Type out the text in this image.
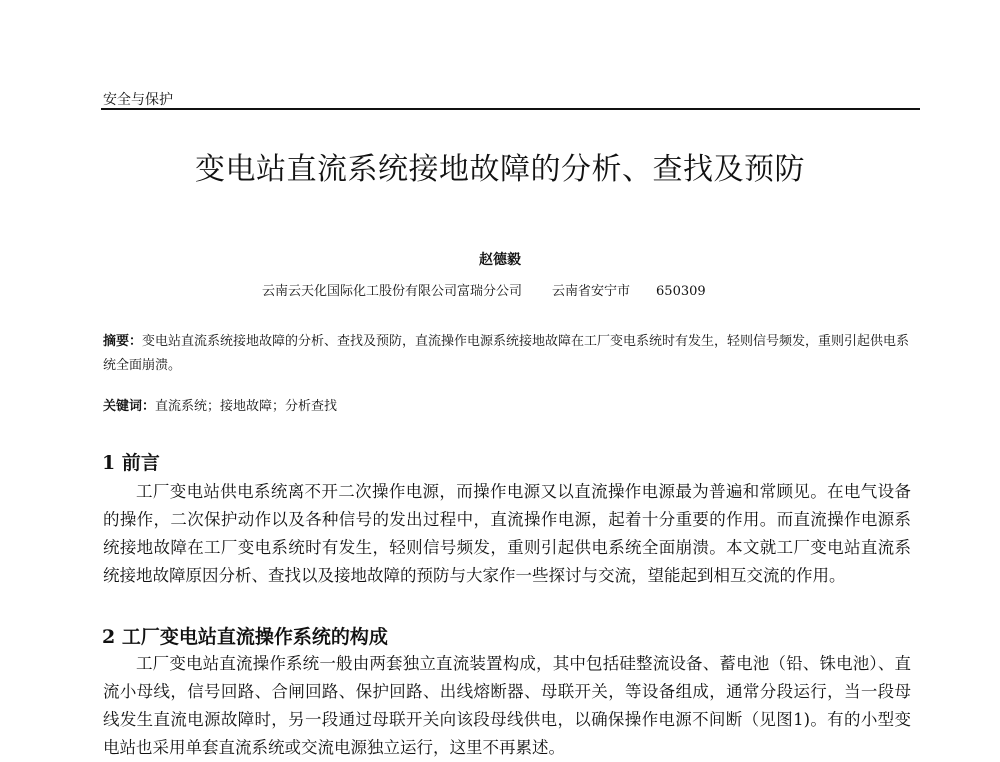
安全与保护
变电站直流系统接地故障的分析、查找及预防
赵德毅
云南云天化国际化工股份有限公司富瑞分公司 云南省安宁市 650309
摘要：变电站直流系统接地故障的分析、查找及预防，直流操作电源系统接地故障在工厂变电系统时有发生，轻则信号频发，重则引起供电系统全面崩溃。
关键词：直流系统；接地故障；分析查找
1 前言
工厂变电站供电系统离不开二次操作电源，而操作电源又以直流操作电源最为普遍和常顾见。在电气设备的操作，二次保护动作以及各种信号的发出过程中，直流操作电源，起着十分重要的作用。而直流操作电源系统接地故障在工厂变电系统时有发生，轻则信号频发，重则引起供电系统全面崩溃。本文就工厂变电站直流系统接地故障原因分析、查找以及接地故障的预防与大家作一些探讨与交流，望能起到相互交流的作用。
2 工厂变电站直流操作系统的构成
工厂变电站直流操作系统一般由两套独立直流装置构成，其中包括硅整流设备、蓄电池（铅、铢电池）、直流小母线，信号回路、合闸回路、保护回路、出线熔断器、母联开关，等设备组成，通常分段运行，当一段母线发生直流电源故障时，另一段通过母联开关向该段母线供电，以确保操作电源不间断（见图1)。有的小型变电站也采用单套直流系统或交流电源独立运行，这里不再累述。
